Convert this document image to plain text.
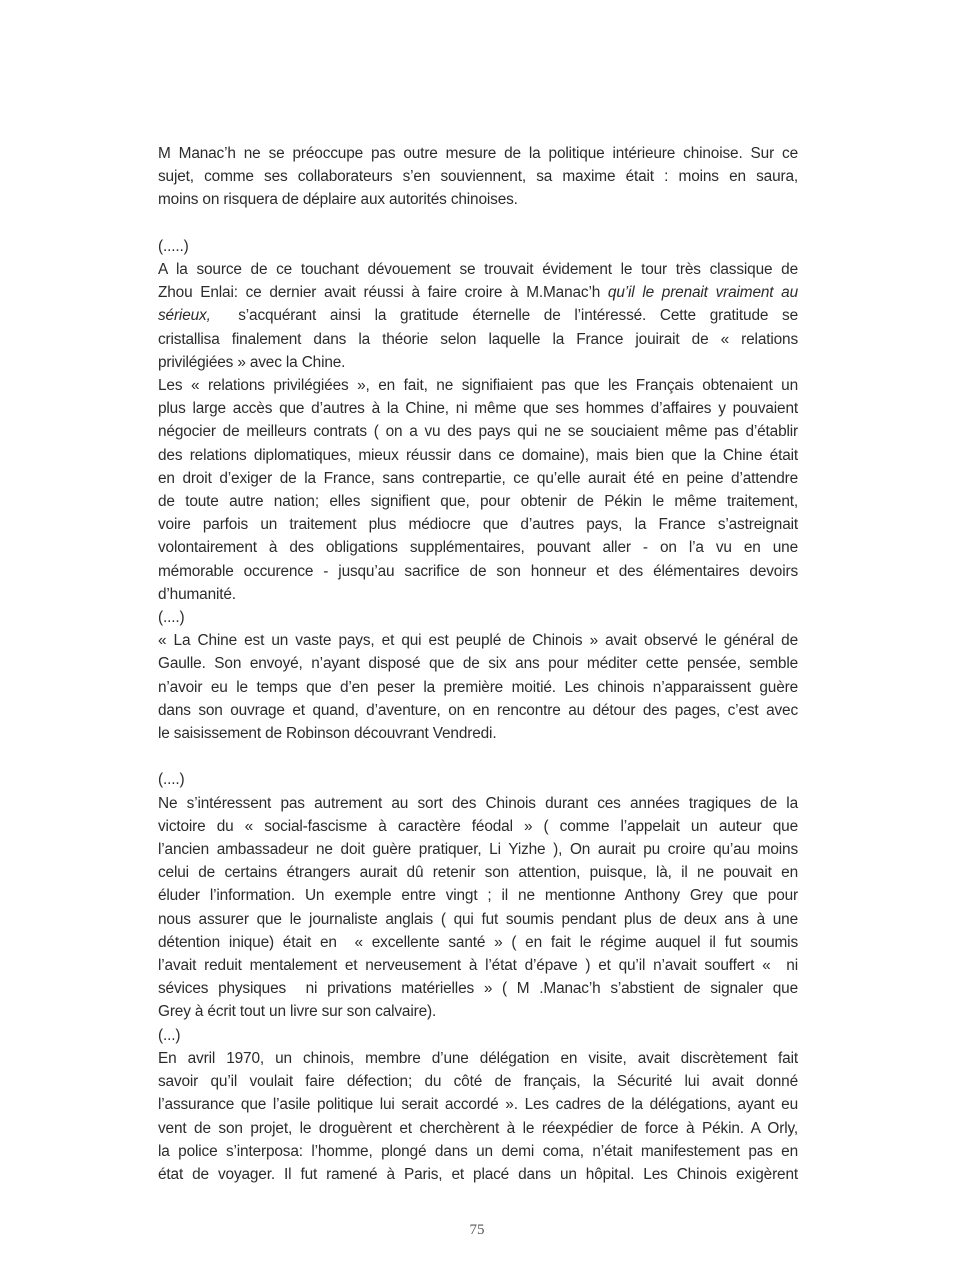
M Manac’h ne se préoccupe pas outre mesure de la politique intérieure chinoise. Sur ce
sujet, comme ses collaborateurs s’en souviennent, sa maxime était : moins en saura,
moins on risquera de déplaire aux autorités chinoises.
(.....)
A la source de ce touchant dévouement se trouvait évidement le tour très classique de
Zhou Enlai: ce dernier avait réussi à faire croire à M.Manac’h qu’il le prenait vraiment au
sérieux,  s’acquérant ainsi la gratitude éternelle de l’intéressé. Cette gratitude se
cristallisa finalement dans la théorie selon laquelle la France jouirait de « relations
privilégiées » avec la Chine.
Les « relations privilégiées », en fait, ne signifiaient pas que les Français obtenaient un
plus large accès que d’autres à la Chine, ni même que ses hommes d’affaires y pouvaient
négocier de meilleurs contrats ( on a vu des pays qui ne se souciaient même pas d’établir
des relations diplomatiques, mieux réussir dans ce domaine), mais bien que la Chine était
en droit d’exiger de la France, sans contrepartie, ce qu’elle aurait été en peine d’attendre
de toute autre nation; elles signifient que, pour obtenir de Pékin le même traitement,
voire parfois un traitement plus médiocre que d’autres pays, la France s’astreignait
volontairement à des obligations supplémentaires, pouvant aller - on l’a vu en une
mémorable occurence - jusqu’au sacrifice de son honneur et des élémentaires devoirs
d’humanité.
(....)
« La Chine est un vaste pays, et qui est peuplé de Chinois » avait observé le général de
Gaulle. Son envoyé, n’ayant disposé que de six ans pour méditer cette pensée, semble
n’avoir eu le temps que d’en peser la première moitié. Les chinois n’apparaissent guère
dans son ouvrage et quand, d’aventure, on en rencontre au détour des pages, c’est avec
le saisissement de Robinson découvrant Vendredi.
(....)
Ne s’intéressent pas autrement au sort des Chinois durant ces années tragiques de la
victoire du « social-fascisme à caractère féodal » ( comme l’appelait un auteur que
l’ancien ambassadeur ne doit guère pratiquer, Li Yizhe ), On aurait pu croire qu’au moins
celui de certains étrangers aurait dû retenir son attention, puisque, là, il ne pouvait en
éluder l’information. Un exemple entre vingt ; il ne mentionne Anthony Grey que pour
nous assurer que le journaliste anglais ( qui fut soumis pendant plus de deux ans à une
détention inique) était en  « excellente santé » ( en fait le régime auquel il fut soumis
l’avait reduit mentalement et nerveusement à l’état d’épave ) et qu’il n’avait souffert «  ni
sévices physiques  ni privations matérielles » ( M .Manac’h s’abstient de signaler que
Grey à écrit tout un livre sur son calvaire).
(...)
En avril 1970, un chinois, membre d’une délégation en visite, avait discrètement fait
savoir qu’il voulait faire défection; du côté de français, la Sécurité lui avait donné
l’assurance que l’asile politique lui serait accordé ». Les cadres de la délégations, ayant eu
vent de son projet, le droguèrent et cherchèrent à le réexpédier de force à Pékin. A Orly,
la police s’interposa: l’homme, plongé dans un demi coma, n’était manifestement pas en
état de voyager. Il fut ramené à Paris, et placé dans un hôpital. Les Chinois exigèrent
75
